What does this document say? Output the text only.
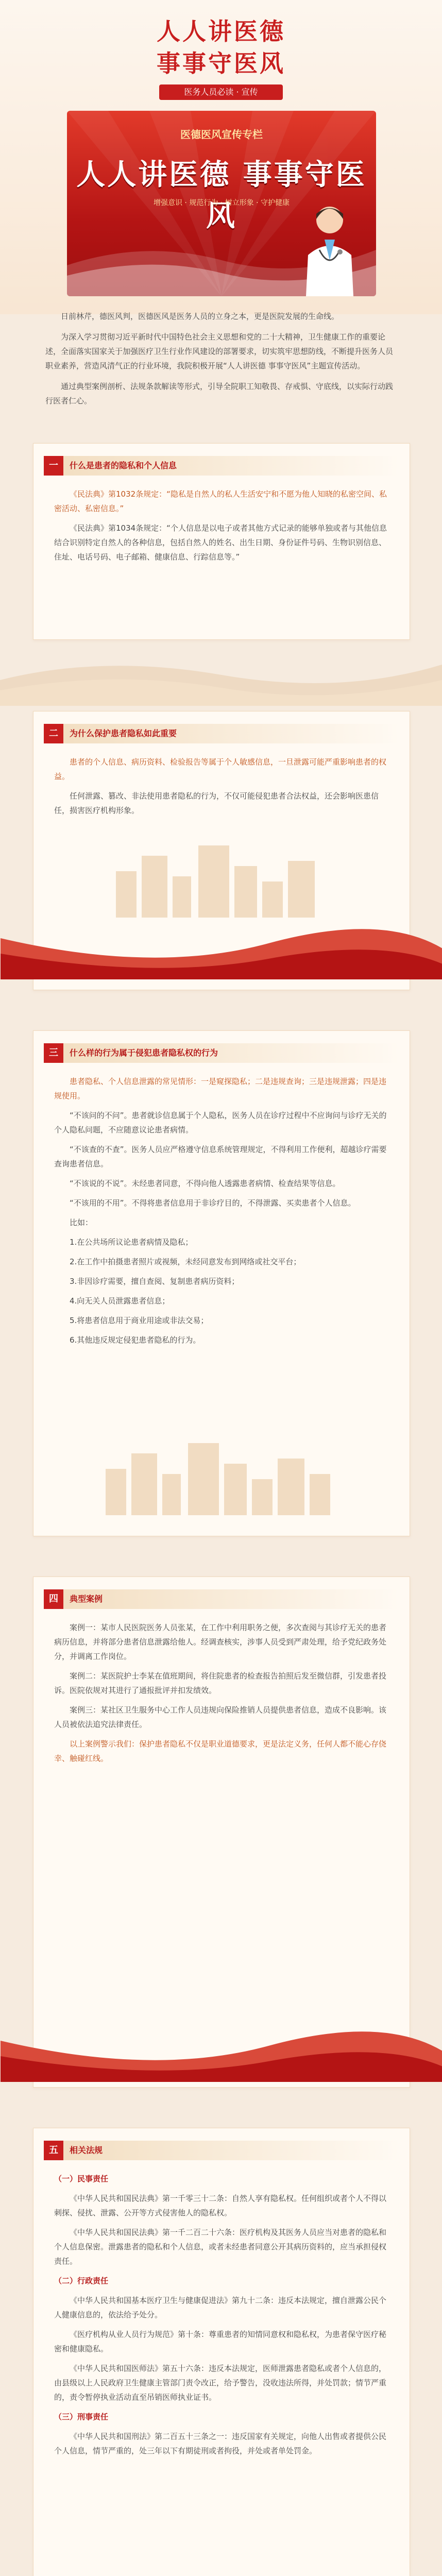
人人讲医德
事事守医风
医务人员必读 · 宣传
医德医风宣传专栏
人人讲医德 事事守医风
增强意识 · 规范行为 · 树立形象 · 守护健康

日前林芹，德医风判，医德医风是医务人员的立身之本，更是医院发展的生命线。

为深入学习贯彻习近平新时代中国特色社会主义思想和党的二十大精神，卫生健康工作的重要论述，全面落实国家关于加强医疗卫生行业作风建设的部署要求，切实筑牢思想防线，不断提升医务人员职业素养，营造风清气正的行业环境，我院积极开展“人人讲医德 事事守医风”主题宣传活动。

通过典型案例剖析、法规条款解读等形式，引导全院职工知敬畏、存戒惧、守底线，以实际行动践行医者仁心。

一	什么是患者的隐私和个人信息

《民法典》第1032条规定：“隐私是自然人的私人生活安宁和不愿为他人知晓的私密空间、私密活动、私密信息。”

《民法典》第1034条规定：“个人信息是以电子或者其他方式记录的能够单独或者与其他信息结合识别特定自然人的各种信息，包括自然人的姓名、出生日期、身份证件号码、生物识别信息、住址、电话号码、电子邮箱、健康信息、行踪信息等。”

二	为什么保护患者隐私如此重要

患者的个人信息、病历资料、检验报告等属于个人敏感信息，一旦泄露可能严重影响患者的权益。

任何泄露、篡改、非法使用患者隐私的行为，不仅可能侵犯患者合法权益，还会影响医患信任，损害医疗机构形象。

三	什么样的行为属于侵犯患者隐私权的行为

患者隐私、个人信息泄露的常见情形：一是窥探隐私；二是违规查询；三是违规泄露；四是违规使用。

“不该问的不问”。患者就诊信息属于个人隐私，医务人员在诊疗过程中不应询问与诊疗无关的个人隐私问题，不应随意议论患者病情。

“不该查的不查”。医务人员应严格遵守信息系统管理规定，不得利用工作便利，超越诊疗需要查询患者信息。

“不该说的不说”。未经患者同意，不得向他人透露患者病情、检查结果等信息。

“不该用的不用”。不得将患者信息用于非诊疗目的，不得泄露、买卖患者个人信息。

比如：

1.在公共场所议论患者病情及隐私；

2.在工作中拍摄患者照片或视频，未经同意发布到网络或社交平台；

3.非因诊疗需要，擅自查阅、复制患者病历资料；

4.向无关人员泄露患者信息；

5.将患者信息用于商业用途或非法交易；

6.其他违反规定侵犯患者隐私的行为。

四	典型案例

案例一：某市人民医院医务人员张某，在工作中利用职务之便，多次查阅与其诊疗无关的患者病历信息，并将部分患者信息泄露给他人。经调查核实，涉事人员受到严肃处理，给予党纪政务处分，并调离工作岗位。

案例二：某医院护士李某在值班期间，将住院患者的检查报告拍照后发至微信群，引发患者投诉。医院依规对其进行了通报批评并扣发绩效。

案例三：某社区卫生服务中心工作人员违规向保险推销人员提供患者信息，造成不良影响。该人员被依法追究法律责任。

以上案例警示我们：保护患者隐私不仅是职业道德要求，更是法定义务，任何人都不能心存侥幸、触碰红线。

五	相关法规

（一）民事责任

《中华人民共和国民法典》第一千零三十二条：自然人享有隐私权。任何组织或者个人不得以刺探、侵扰、泄露、公开等方式侵害他人的隐私权。

《中华人民共和国民法典》第一千二百二十六条：医疗机构及其医务人员应当对患者的隐私和个人信息保密。泄露患者的隐私和个人信息，或者未经患者同意公开其病历资料的，应当承担侵权责任。

（二）行政责任

《中华人民共和国基本医疗卫生与健康促进法》第九十二条：违反本法规定，擅自泄露公民个人健康信息的，依法给予处分。

《医疗机构从业人员行为规范》第十条：尊重患者的知情同意权和隐私权，为患者保守医疗秘密和健康隐私。

《中华人民共和国医师法》第五十六条：违反本法规定，医师泄露患者隐私或者个人信息的，由县级以上人民政府卫生健康主管部门责令改正，给予警告，没收违法所得，并处罚款；情节严重的，责令暂停执业活动直至吊销医师执业证书。

（三）刑事责任

《中华人民共和国刑法》第二百五十三条之一：违反国家有关规定，向他人出售或者提供公民个人信息，情节严重的，处三年以下有期徒刑或者拘役，并处或者单处罚金。
